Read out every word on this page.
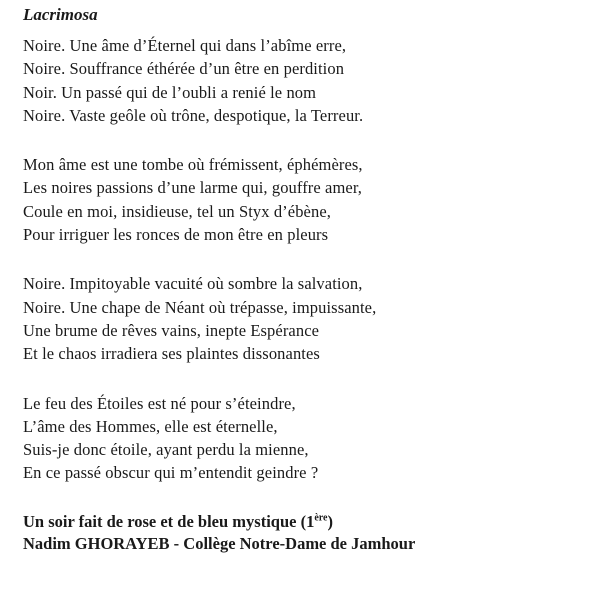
Lacrimosa
Noire. Une âme d’Éternel qui dans l’abîme erre,
Noire. Souffrance éthérée d’un être en perdition
Noir. Un passé qui de l’oubli a renié le nom
Noire. Vaste geôle où trône, despotique, la Terreur.
Mon âme est une tombe où frémissent, éphémères,
Les noires passions d’une larme qui, gouffre amer,
Coule en moi, insidieuse, tel un Styx d’ébène,
Pour irriguer les ronces de mon être en pleurs
Noire. Impitoyable vacuité où sombre la salvation,
Noire. Une chape de Néant où trépasse, impuissante,
Une brume de rêves vains, inepte Espérance
Et le chaos irradiera ses plaintes dissonantes
Le feu des Étoiles est né pour s’éteindre,
L’âme des Hommes, elle est éternelle,
Suis-je donc étoile, ayant perdu la mienne,
En ce passé obscur qui m’entendit geindre ?
Un soir fait de rose et de bleu mystique (1ère)
Nadim GHORAYEB - Collège Notre-Dame de Jamhour
